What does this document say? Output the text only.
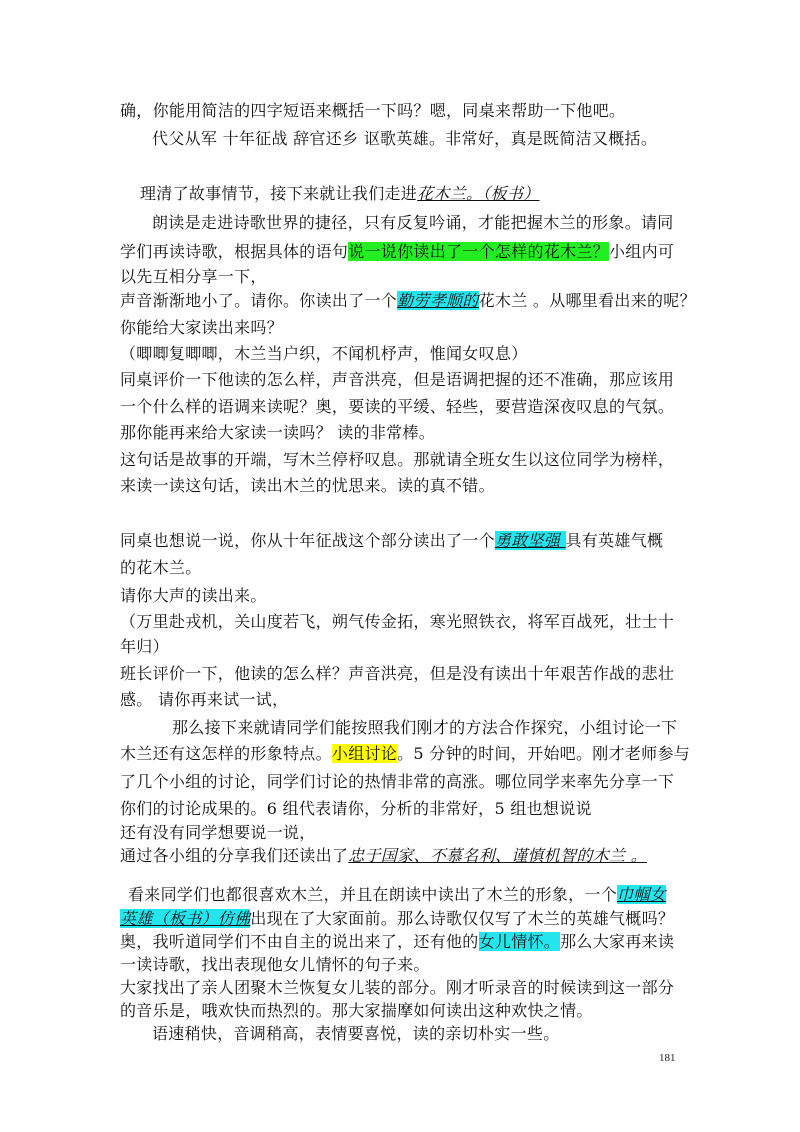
确，你能用简洁的四字短语来概括一下吗？嗯，同桌来帮助一下他吧。
代父从军 十年征战 辞官还乡 讴歌英雄。非常好，真是既简洁又概括。
理清了故事情节，接下来就让我们走进花木兰。（板书）
朗读是走进诗歌世界的捷径，只有反复吟诵，才能把握木兰的形象。请同
学们再读诗歌，根据具体的语句说一说你读出了一个怎样的花木兰？小组内可
以先互相分享一下，
声音渐渐地小了。请你。你读出了一个勤劳孝顺的花木兰 。从哪里看出来的呢？
你能给大家读出来吗？
（唧唧复唧唧，木兰当户织，不闻机杼声，惟闻女叹息）
同桌评价一下他读的怎么样，声音洪亮，但是语调把握的还不准确，那应该用
一个什么样的语调来读呢？奥，要读的平缓、轻些，要营造深夜叹息的气氛。
那你能再来给大家读一读吗？ 读的非常棒。
这句话是故事的开端，写木兰停杼叹息。那就请全班女生以这位同学为榜样，
来读一读这句话，读出木兰的忧思来。读的真不错。
同桌也想说一说，你从十年征战这个部分读出了一个勇敢坚强 具有英雄气概
的花木兰。
请你大声的读出来。
（万里赴戎机，关山度若飞，朔气传金拓，寒光照铁衣，将军百战死，壮士十
年归）
班长评价一下，他读的怎么样？声音洪亮，但是没有读出十年艰苦作战的悲壮
感。 请你再来试一试，
那么接下来就请同学们能按照我们刚才的方法合作探究，小组讨论一下
木兰还有这怎样的形象特点。小组讨论。5 分钟的时间，开始吧。刚才老师参与
了几个小组的讨论，同学们讨论的热情非常的高涨。哪位同学来率先分享一下
你们的讨论成果的。6 组代表请你，分析的非常好，5 组也想说说
还有没有同学想要说一说，
通过各小组的分享我们还读出了忠于国家、不慕名利、谨慎机智的木兰 。
看来同学们也都很喜欢木兰，并且在朗读中读出了木兰的形象，一个巾帼女
英雄（板书）仿佛出现在了大家面前。那么诗歌仅仅写了木兰的英雄气概吗？
奥，我听道同学们不由自主的说出来了，还有他的女儿情怀。那么大家再来读
一读诗歌，找出表现他女儿情怀的句子来。
大家找出了亲人团聚木兰恢复女儿装的部分。刚才听录音的时候读到这一部分
的音乐是，哦欢快而热烈的。那大家揣摩如何读出这种欢快之情。
语速稍快，音调稍高，表情要喜悦，读的亲切朴实一些。
181
